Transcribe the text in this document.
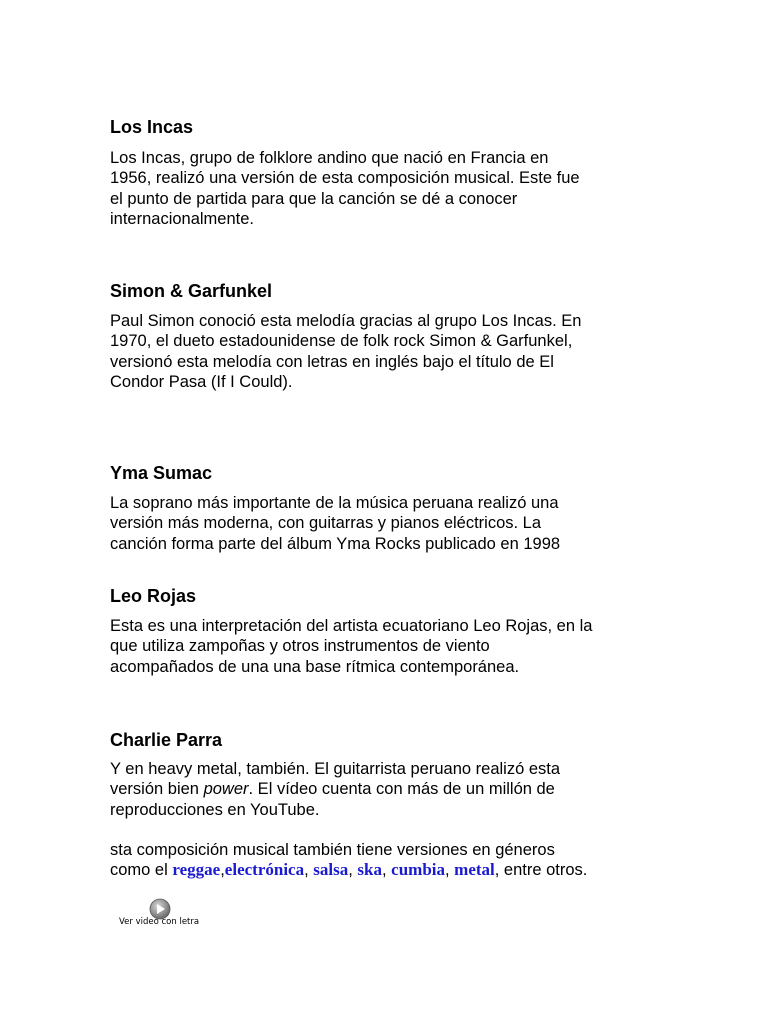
Los Incas
Los Incas, grupo de folklore andino que nació en Francia en
1956, realizó una versión de esta composición musical. Este fue
el punto de partida para que la canción se dé a conocer
internacionalmente.
Simon & Garfunkel
Paul Simon conoció esta melodía gracias al grupo Los Incas. En
1970, el dueto estadounidense de folk rock Simon & Garfunkel,
versionó esta melodía con letras en inglés bajo el título de El
Condor Pasa (If I Could).
Yma Sumac
La soprano más importante de la música peruana realizó una
versión más moderna, con guitarras y pianos eléctricos. La
canción forma parte del álbum Yma Rocks publicado en 1998
Leo Rojas
Esta es una interpretación del artista ecuatoriano Leo Rojas, en la
que utiliza zampoñas y otros instrumentos de viento
acompañados de una una base rítmica contemporánea.
Charlie Parra
Y en heavy metal, también. El guitarrista peruano realizó esta
versión bien power. El vídeo cuenta con más de un millón de
reproducciones en YouTube.
sta composición musical también tiene versiones en géneros
como el reggae,electrónica, salsa, ska, cumbia, metal, entre otros.
Ver video con letra
